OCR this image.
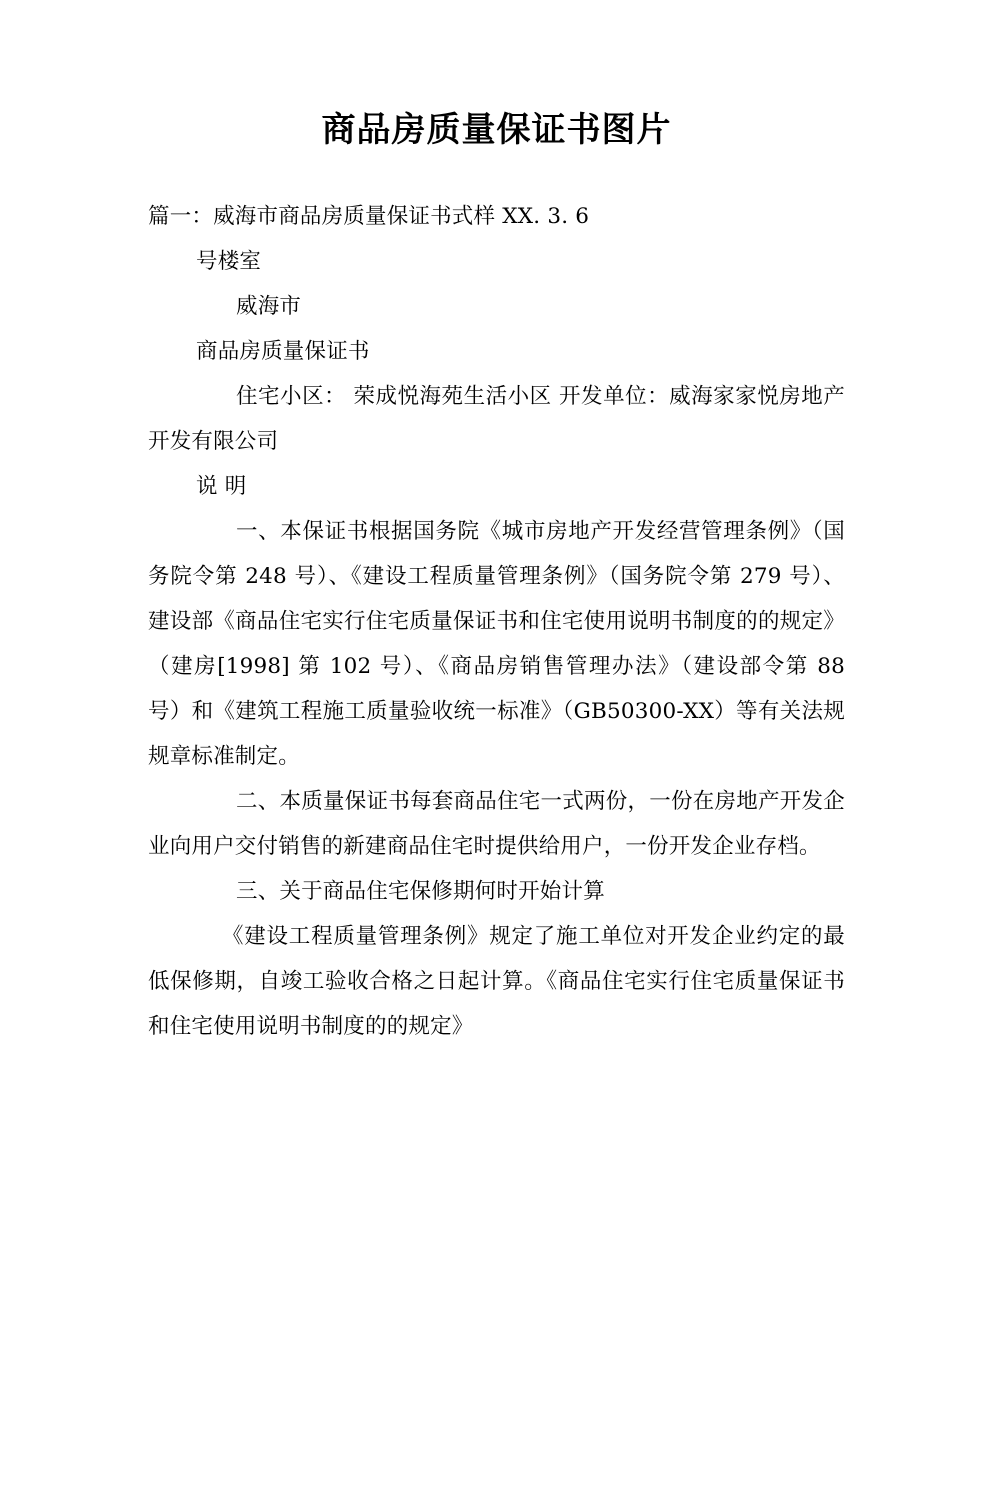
商品房质量保证书图片

篇一：威海市商品房质量保证书式样 XX. 3. 6

号楼室

威海市

商品房质量保证书

住宅小区： 荣成悦海苑生活小区 开发单位：威海家家悦房地产开发有限公司

说 明

一、本保证书根据国务院《城市房地产开发经营管理条例》（国务院令第 248 号）、《建设工程质量管理条例》（国务院令第 279 号）、建设部《商品住宅实行住宅质量保证书和住宅使用说明书制度的的规定》（建房[1998] 第 102 号）、《商品房销售管理办法》（建设部令第 88 号）和《建筑工程施工质量验收统一标准》（GB50300-XX）等有关法规规章标准制定。

二、本质量保证书每套商品住宅一式两份，一份在房地产开发企业向用户交付销售的新建商品住宅时提供给用户，一份开发企业存档。

三、关于商品住宅保修期何时开始计算

《建设工程质量管理条例》规定了施工单位对开发企业约定的最低保修期，自竣工验收合格之日起计算。《商品住宅实行住宅质量保证书和住宅使用说明书制度的的规定》
